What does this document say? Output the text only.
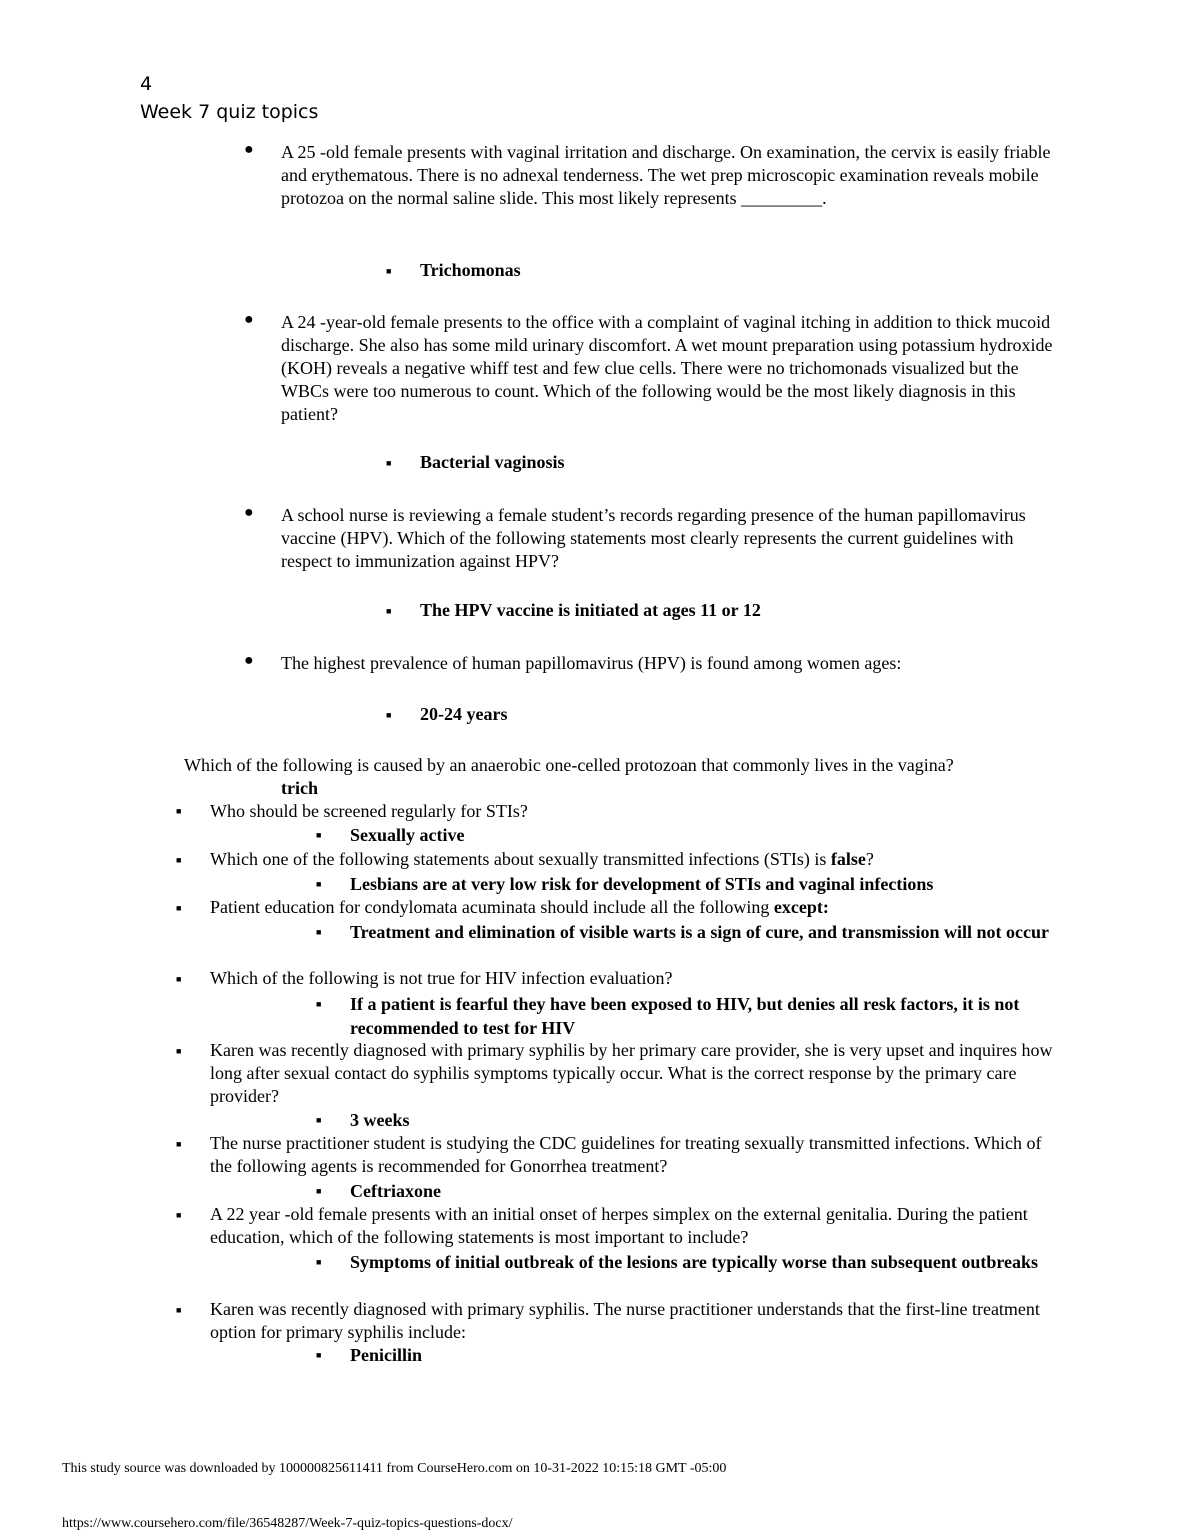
4
Week 7 quiz topics
● A 25 -old female presents with vaginal irritation and discharge. On examination, the cervix is easily friable and erythematous. There is no adnexal tenderness. The wet prep microscopic examination reveals mobile protozoa on the normal saline slide. This most likely represents _________.
■ Trichomonas
● A 24 -year-old female presents to the office with a complaint of vaginal itching in addition to thick mucoid discharge. She also has some mild urinary discomfort. A wet mount preparation using potassium hydroxide (KOH) reveals a negative whiff test and few clue cells. There were no trichomonads visualized but the WBCs were too numerous to count. Which of the following would be the most likely diagnosis in this patient?
■ Bacterial vaginosis
● A school nurse is reviewing a female student’s records regarding presence of the human papillomavirus vaccine (HPV). Which of the following statements most clearly represents the current guidelines with respect to immunization against HPV?
■ The HPV vaccine is initiated at ages 11 or 12
● The highest prevalence of human papillomavirus (HPV) is found among women ages:
■ 20-24 years
Which of the following is caused by an anaerobic one-celled protozoan that commonly lives in the vagina?
trich
■ Who should be screened regularly for STIs?
■ Sexually active
■ Which one of the following statements about sexually transmitted infections (STIs) is false?
■ Lesbians are at very low risk for development of STIs and vaginal infections
■ Patient education for condylomata acuminata should include all the following except:
■ Treatment and elimination of visible warts is a sign of cure, and transmission will not occur
■ Which of the following is not true for HIV infection evaluation?
■ If a patient is fearful they have been exposed to HIV, but denies all resk factors, it is not recommended to test for HIV
■ Karen was recently diagnosed with primary syphilis by her primary care provider, she is very upset and inquires how long after sexual contact do syphilis symptoms typically occur. What is the correct response by the primary care provider?
■ 3 weeks
■ The nurse practitioner student is studying the CDC guidelines for treating sexually transmitted infections. Which of the following agents is recommended for Gonorrhea treatment?
■ Ceftriaxone
■ A 22 year -old female presents with an initial onset of herpes simplex on the external genitalia. During the patient education, which of the following statements is most important to include?
■ Symptoms of initial outbreak of the lesions are typically worse than subsequent outbreaks
■ Karen was recently diagnosed with primary syphilis. The nurse practitioner understands that the first-line treatment option for primary syphilis include:
■ Penicillin
This study source was downloaded by 100000825611411 from CourseHero.com on 10-31-2022 10:15:18 GMT -05:00
https://www.coursehero.com/file/36548287/Week-7-quiz-topics-questions-docx/
